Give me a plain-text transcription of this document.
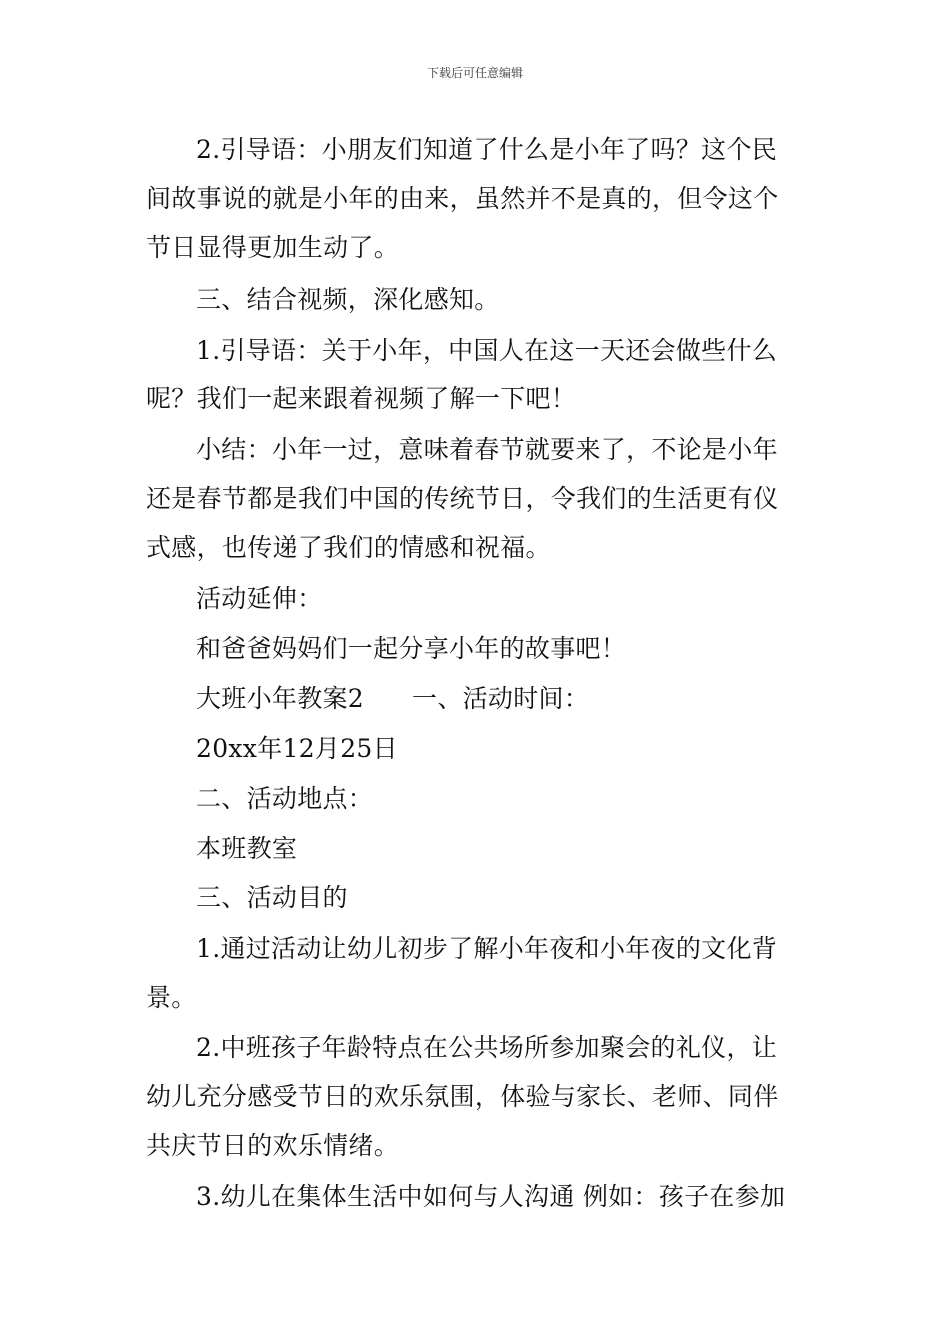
下载后可任意编辑
2.引导语：小朋友们知道了什么是小年了吗？这个民
间故事说的就是小年的由来，虽然并不是真的，但令这个
节日显得更加生动了。
三、结合视频，深化感知。
1.引导语：关于小年，中国人在这一天还会做些什么
呢？我们一起来跟着视频了解一下吧！
小结：小年一过，意味着春节就要来了，不论是小年
还是春节都是我们中国的传统节日，令我们的生活更有仪
式感，也传递了我们的情感和祝福。
活动延伸：
和爸爸妈妈们一起分享小年的故事吧！
大班小年教案2 一、活动时间：
20xx年12月25日
二、活动地点：
本班教室
三、活动目的
1.通过活动让幼儿初步了解小年夜和小年夜的文化背
景。
2.中班孩子年龄特点在公共场所参加聚会的礼仪，让
幼儿充分感受节日的欢乐氛围，体验与家长、老师、同伴
共庆节日的欢乐情绪。
3.幼儿在集体生活中如何与人沟通 例如：孩子在参加
